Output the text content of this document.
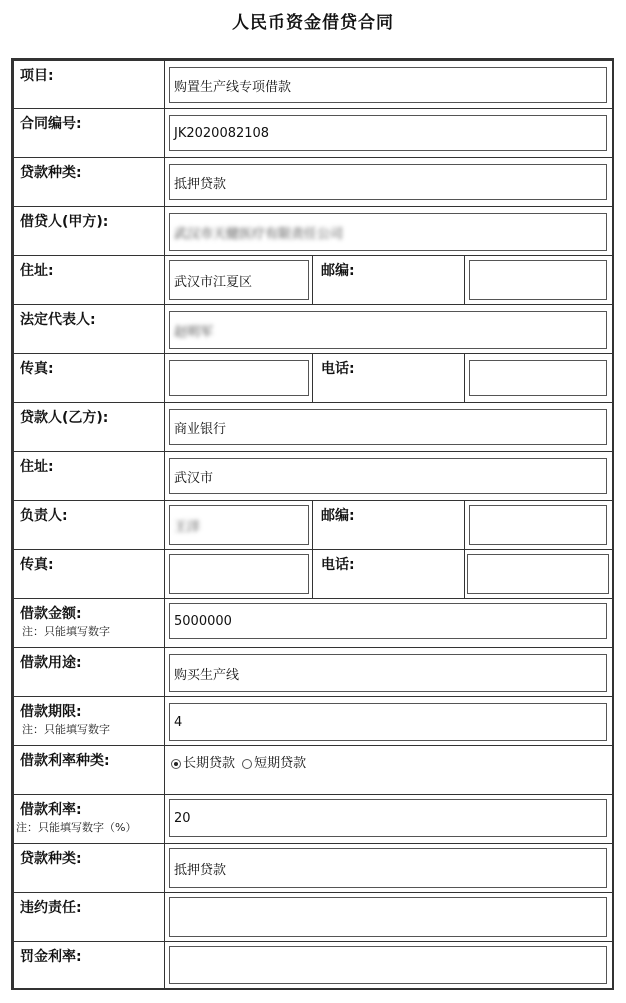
人民币资金借贷合同
项目:
购置生产线专项借款
合同编号:
JK2020082108
贷款种类:
抵押贷款
借贷人(甲方):
武汉市天健医疗有限责任公司
住址:
武汉市江夏区
邮编:
法定代表人:
赵明军
传真:	电话:
贷款人(乙方):
商业银行
住址:
武汉市
负责人:
王洋
邮编:
传真:	电话:
借款金额:
注：只能填写数字
5000000
借款用途:
购买生产线
借款期限:
注：只能填写数字	4
借款利率种类:	长期贷款 短期贷款
借款利率:
注：只能填写数字（%）
20
贷款种类:
抵押贷款
违约责任:
罚金利率:
